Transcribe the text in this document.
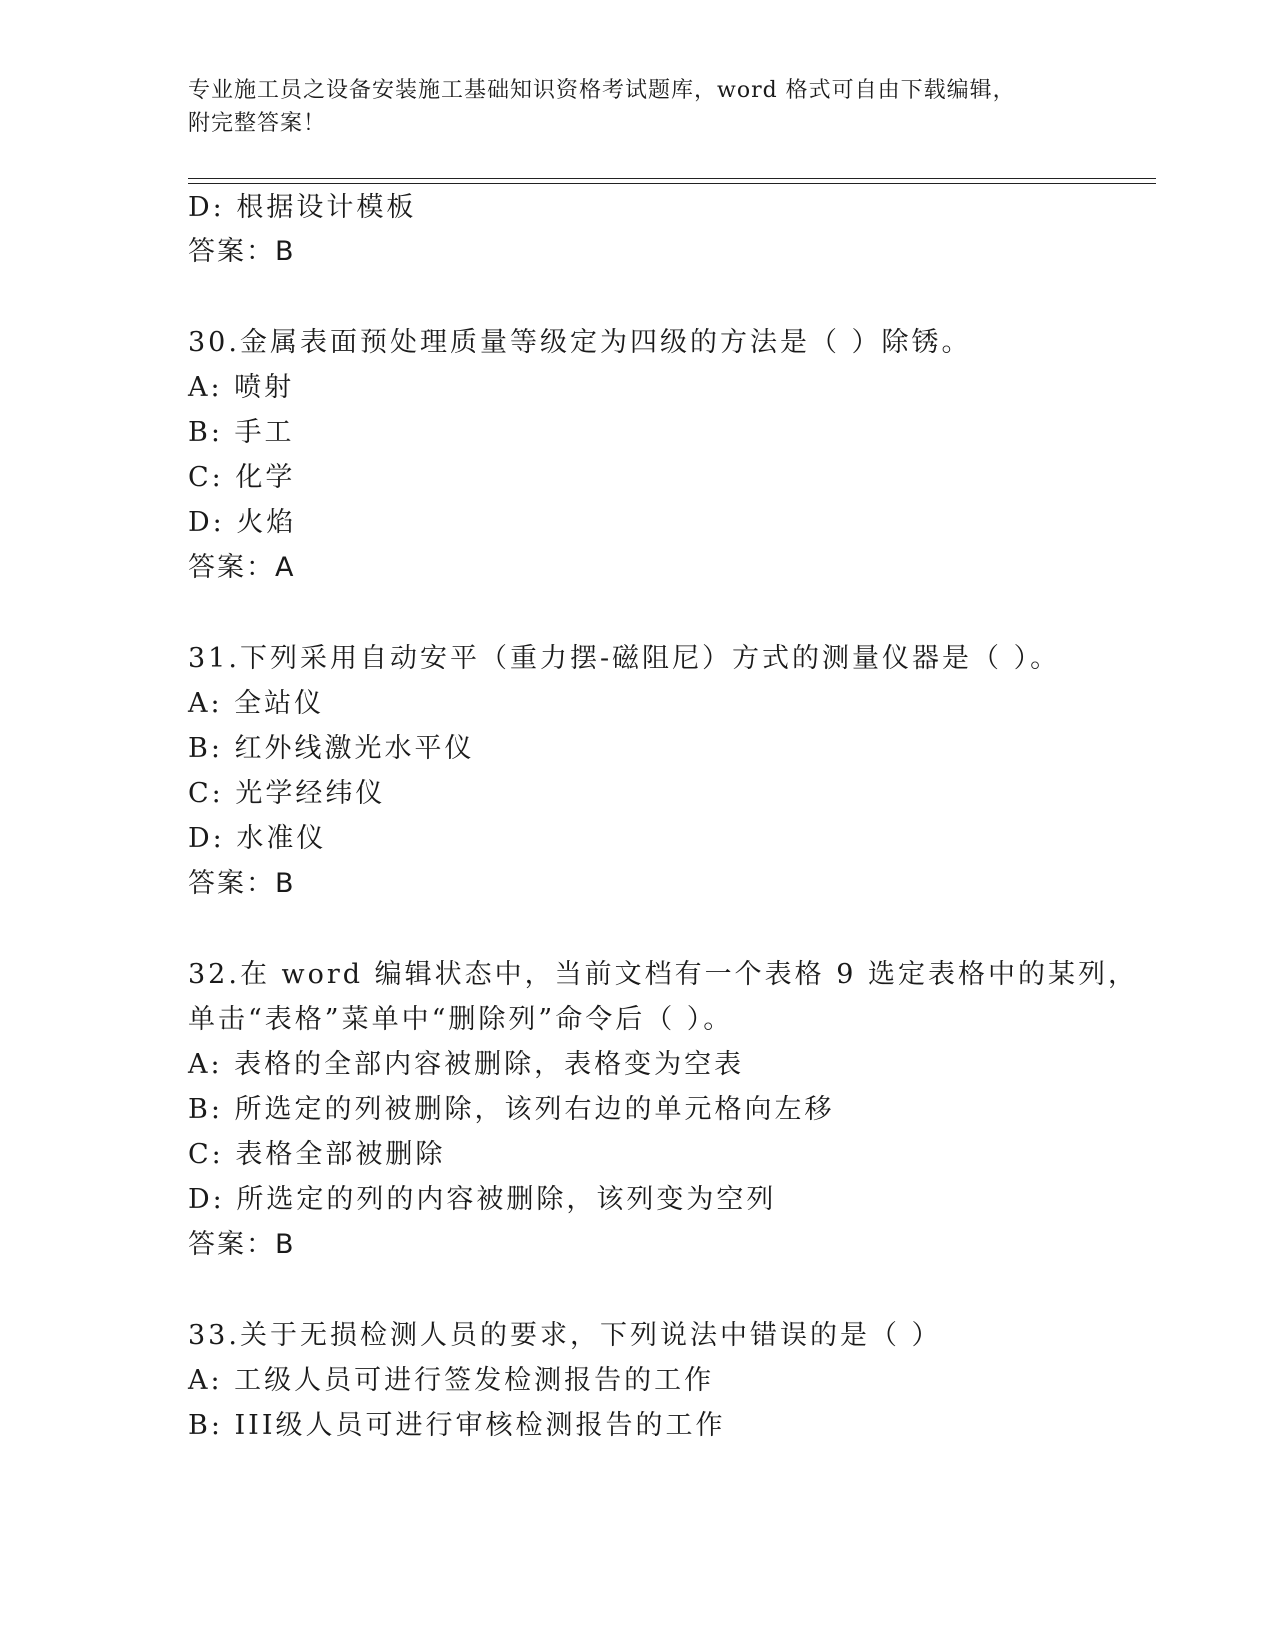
专业施工员之设备安装施工基础知识资格考试题库，word 格式可自由下载编辑，
附完整答案！
D: 根据设计模板
答案：B
30.金属表面预处理质量等级定为四级的方法是（ ）除锈。
A: 喷射
B: 手工
C: 化学
D: 火焰
答案：A
31.下列采用自动安平（重力摆-磁阻尼）方式的测量仪器是（ ）。
A: 全站仪
B: 红外线激光水平仪
C: 光学经纬仪
D: 水准仪
答案：B
32.在 word 编辑状态中，当前文档有一个表格 9 选定表格中的某列，
单击“表格”菜单中“删除列”命令后（ ）。
A: 表格的全部内容被删除，表格变为空表
B: 所选定的列被删除，该列右边的单元格向左移
C: 表格全部被删除
D: 所选定的列的内容被删除，该列变为空列
答案：B
33.关于无损检测人员的要求，下列说法中错误的是（ ）
A: 工级人员可进行签发检测报告的工作
B: III级人员可进行审核检测报告的工作
